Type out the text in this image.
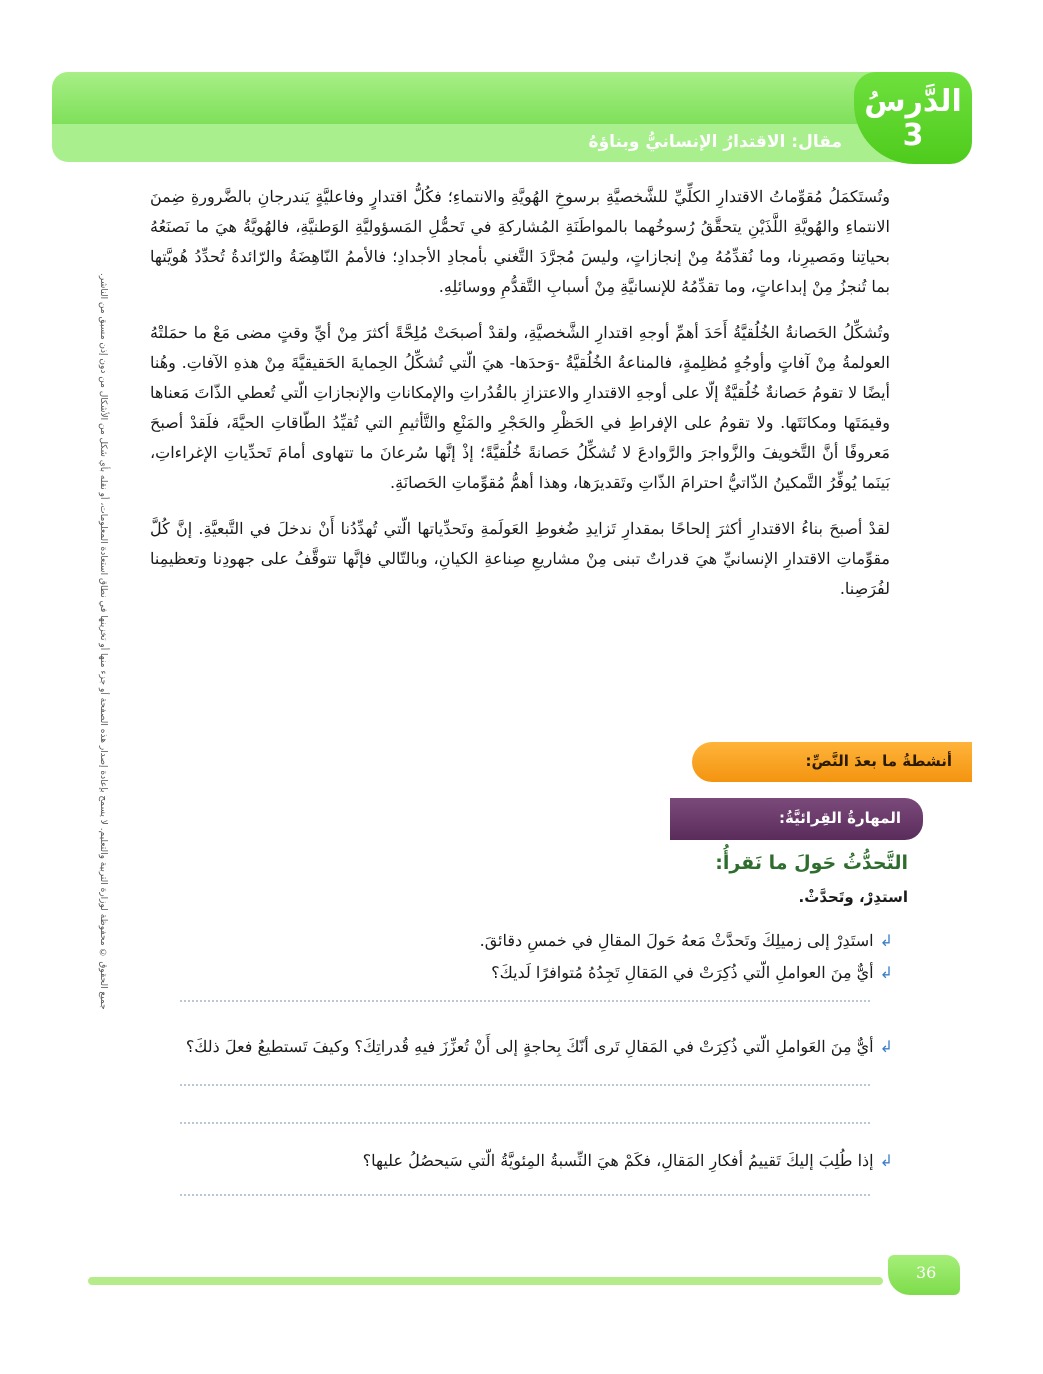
مقال: الاقتدارُ الإنسانيُّ وبناؤهُ
الدَّرسُ
3
جميع الحقوق © محفوظة لوزارة التربية والتعليم. لا يسمح بإعادة إصدار هذه الصفحة أو جزء منها أو تخزينها في نطاق استعادة المعلومات، أو نقله بأي شكل من الأشكال من دون إذن مسبق من الناشر.

وتُستَكمَلُ مُقوِّماتُ الاقتدارِ الكلِّيِّ للشَّخصيَّةِ برسوخِ الهُويَّةِ والانتماءِ؛ فكُلُّ اقتدارٍ وفاعليَّةٍ يَندرجانِ بالضَّرورةِ ضِمنَ الانتماءِ والهُويَّةِ اللَّذَيْنِ يتحقَّقُ رُسوخُهما بالمواطَنَةِ المُشاركةِ في تَحمُّلِ المَسؤوليَّةِ الوَطنيَّةِ، فالهُويَّةُ هيَ ما نَصنَعُهُ بحياتِنا ومَصيرِنا، وما نُقدِّمُهُ مِنْ إنجازاتٍ، وليسَ مُجرَّدَ التَّغني بأمجادِ الأجدادِ؛ فالأممُ النّاهِضَةُ والرّائدةُ تُحدِّدُ هُويَّتها بما تُنجزُ مِنْ إبداعاتٍ، وما تقدِّمُهُ للإنسانيَّةِ مِنْ أسبابِ التَّقدُّمِ ووسائلِهِ.

وتُشكِّلُ الحَصانةُ الخُلُقيَّةُ أَحَدَ أهمِّ أوجهِ اقتدارِ الشَّخصيَّةِ، ولقدْ أصبحَتْ مُلِحَّةً أكثرَ مِنْ أيِّ وقتٍ مضى مَعْ ما حمَلتْهُ العولمةُ مِنْ آفاتٍ وأوجُهٍ مُظلِمةٍ، فالمناعةُ الخُلُقيَّةُ -وَحدَها- هيَ الّتي تُشكِّلُ الحِمايةَ الحَقيقيَّةَ مِنْ هذهِ الآفاتِ. وهُنا أيضًا لا تقومُ حَصانةٌ خُلُقيَّةٌ إلّا على أوجهِ الاقتدارِ والاعتزازِ بالقُدُراتِ والإمكاناتِ والإنجازاتِ الّتي تُعطي الذّاتَ مَعناها وقيمَتَها ومكانَتَها. ولا تقومُ على الإفراطِ في الحَظْرِ والحَجْرِ والمَنْعِ والتَّأثيمِ التي تُقيِّدُ الطّاقاتِ الحيَّةَ، فلَقدْ أصبحَ مَعروفًا أنَّ التَّخويفَ والزَّواجرَ والرَّوادعَ لا تُشكِّلُ حَصانةً خُلُقيَّةً؛ إذْ إنَّها سُرعانَ ما تتهاوى أمامَ تَحدِّياتِ الإغراءاتِ، بَينَما يُوفِّرُ التَّمكينُ الذّاتيُّ احترامَ الذّاتِ وتَقديرَها، وهذا أهمُّ مُقوِّماتِ الحَصانَةِ.

لقدْ أصبحَ بناءُ الاقتدارِ أكثرَ إلحاحًا بمقدارِ تَزايدِ ضُغوطِ العَولَمةِ وتَحدِّياتها الّتي تُهدِّدُنا أَنْ ندخلَ في التَّبعيَّةِ. إنَّ كُلَّ مقوِّماتِ الاقتدارِ الإنسانيِّ هيَ قدراتٌ تبنى مِنْ مشاريعِ صِناعةِ الكيانِ، وبالتّالي فإنَّها تتوقَّفُ على جهودِنا وتعظيمِنا لفُرَصِنا.

أنشطةُ ما بعدَ النَّصِّ:
المهارةُ القِرائيَّةُ:
التَّحدُّثُ حَولَ ما نَقرأُ:
استدِرْ، وتَحدَّثْ.
↲استَدِرْ إلى زميلِكَ وتَحدَّثْ مَعهُ حَولَ المقالِ في خمسِ دقائقَ.
↲أيٌّ مِنَ العواملِ الّتي ذُكِرَتْ في المَقالِ تَجِدُهُ مُتوافرًا لَديكَ؟
↲أيٌّ مِنَ العَواملِ الّتي ذُكِرَتْ في المَقالِ تَرى أنّكَ بِحاجةٍ إلى أَنْ تُعزِّزَ فيهِ قُدراتِكَ؟ وكيفَ تَستطيعُ فعلَ ذلكَ؟
↲إذا طُلِبَ إليكَ تَقييمُ أفكارِ المَقالِ، فكَمْ هيَ النِّسبةُ المِئويَّةُ الّتي سَيحصُلُ عليها؟
36
